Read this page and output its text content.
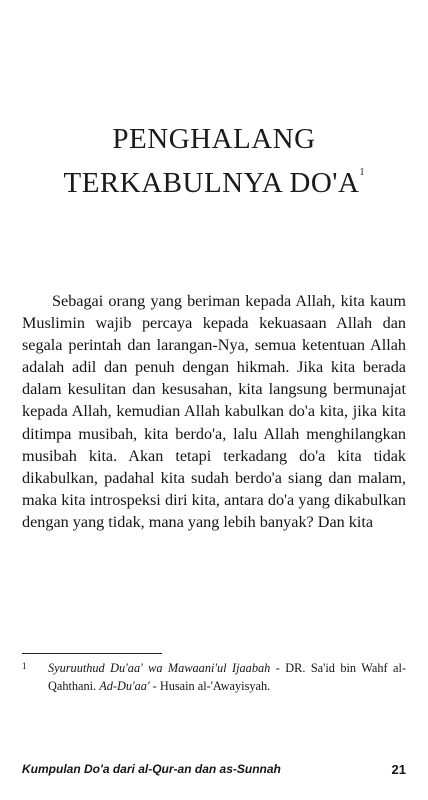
PENGHALANG
TERKABULNYA $DO'A^1$

Sebagai orang yang beriman kepada Allah, kita kaum Muslimin wajib percaya kepada kekuasaan Allah dan segala perintah dan larangan-Nya, semua ketentuan Allah adalah adil dan penuh dengan hikmah. Jika kita berada dalam kesulitan dan kesusahan, kita langsung bermunajat kepada Allah, kemudian Allah kabulkan do'a kita, jika kita ditimpa musibah, kita berdo'a, lalu Allah menghilangkan musibah kita. Akan tetapi terkadang do'a kita tidak dikabulkan, padahal kita sudah berdo'a siang dan malam, maka kita introspeksi diri kita, antara do'a yang dikabulkan dengan yang tidak, mana yang lebih banyak? Dan kita

1 Syuruuthud Du'aa' wa Mawaani'ul Ijaabah - DR. Sa'id bin Wahf al-Qahthani. Ad-Du'aa' - Husain al-'Awayisyah.

Kumpulan Do'a dari al-Qur-an dan as-Sunnah	21
